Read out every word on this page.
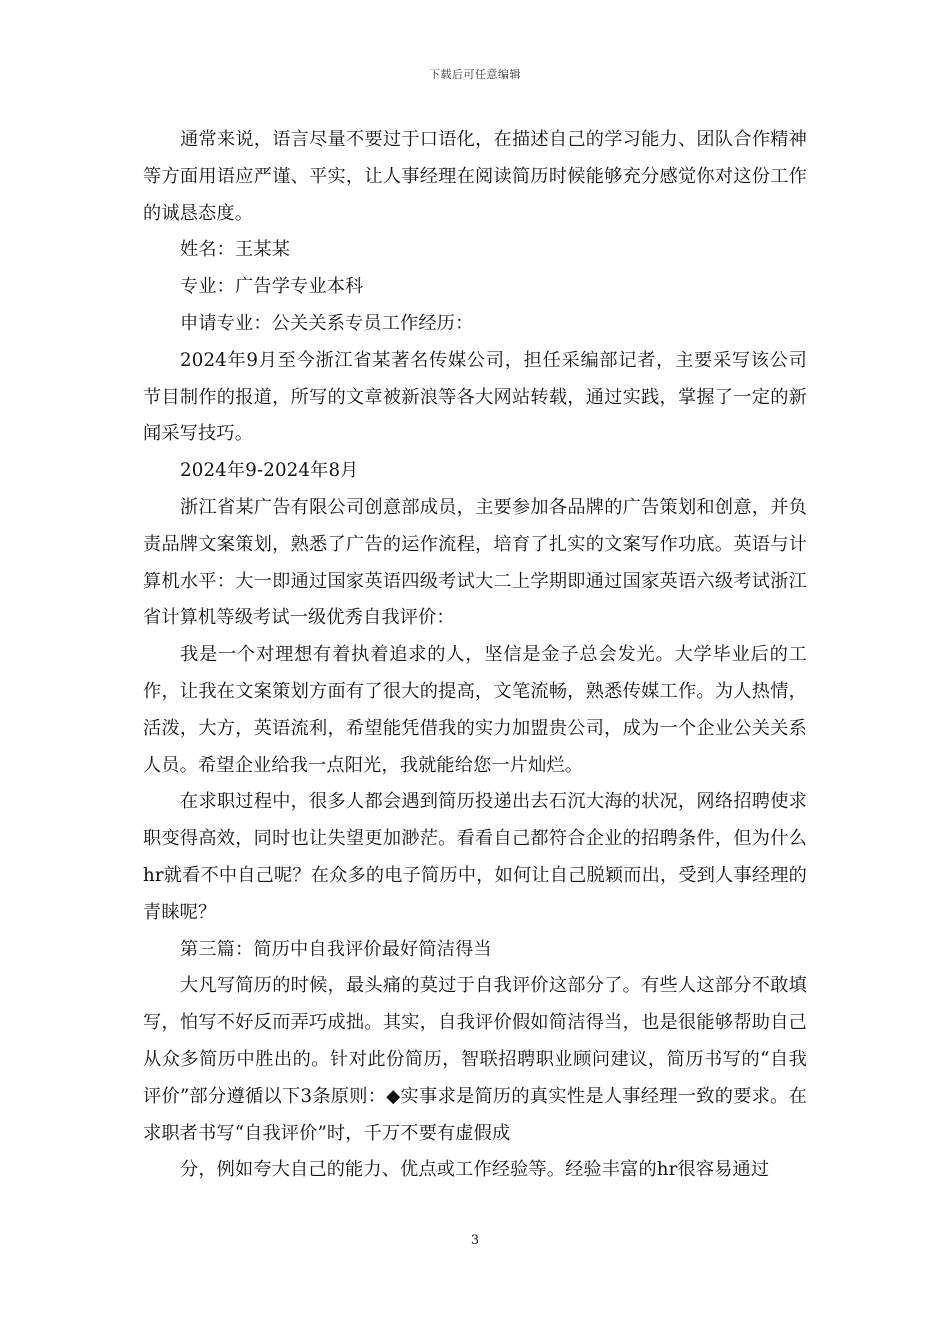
下载后可任意编辑

通常来说，语言尽量不要过于口语化，在描述自己的学习能力、团队合作精神等方面用语应严谨、平实，让人事经理在阅读简历时候能够充分感觉你对这份工作的诚恳态度。

姓名：王某某

专业：广告学专业本科

申请专业：公关关系专员工作经历：

2024年9月至今浙江省某著名传媒公司，担任采编部记者，主要采写该公司节目制作的报道，所写的文章被新浪等各大网站转载，通过实践，掌握了一定的新闻采写技巧。

2024年9-2024年8月

浙江省某广告有限公司创意部成员，主要参加各品牌的广告策划和创意，并负责品牌文案策划，熟悉了广告的运作流程，培育了扎实的文案写作功底。英语与计算机水平：大一即通过国家英语四级考试大二上学期即通过国家英语六级考试浙江省计算机等级考试一级优秀自我评价：

我是一个对理想有着执着追求的人，坚信是金子总会发光。大学毕业后的工作，让我在文案策划方面有了很大的提高，文笔流畅，熟悉传媒工作。为人热情，活泼，大方，英语流利，希望能凭借我的实力加盟贵公司，成为一个企业公关关系人员。希望企业给我一点阳光，我就能给您一片灿烂。

在求职过程中，很多人都会遇到简历投递出去石沉大海的状况，网络招聘使求职变得高效，同时也让失望更加渺茫。看看自己都符合企业的招聘条件，但为什么hr就看不中自己呢？在众多的电子简历中，如何让自己脱颖而出，受到人事经理的青睐呢？

第三篇：简历中自我评价最好简洁得当

大凡写简历的时候，最头痛的莫过于自我评价这部分了。有些人这部分不敢填写，怕写不好反而弄巧成拙。其实，自我评价假如简洁得当，也是很能够帮助自己从众多简历中胜出的。针对此份简历，智联招聘职业顾问建议，简历书写的“自我评价”部分遵循以下3条原则：◆实事求是简历的真实性是人事经理一致的要求。在求职者书写“自我评价”时，千万不要有虚假成

分，例如夸大自己的能力、优点或工作经验等。经验丰富的hr很容易通过

3
